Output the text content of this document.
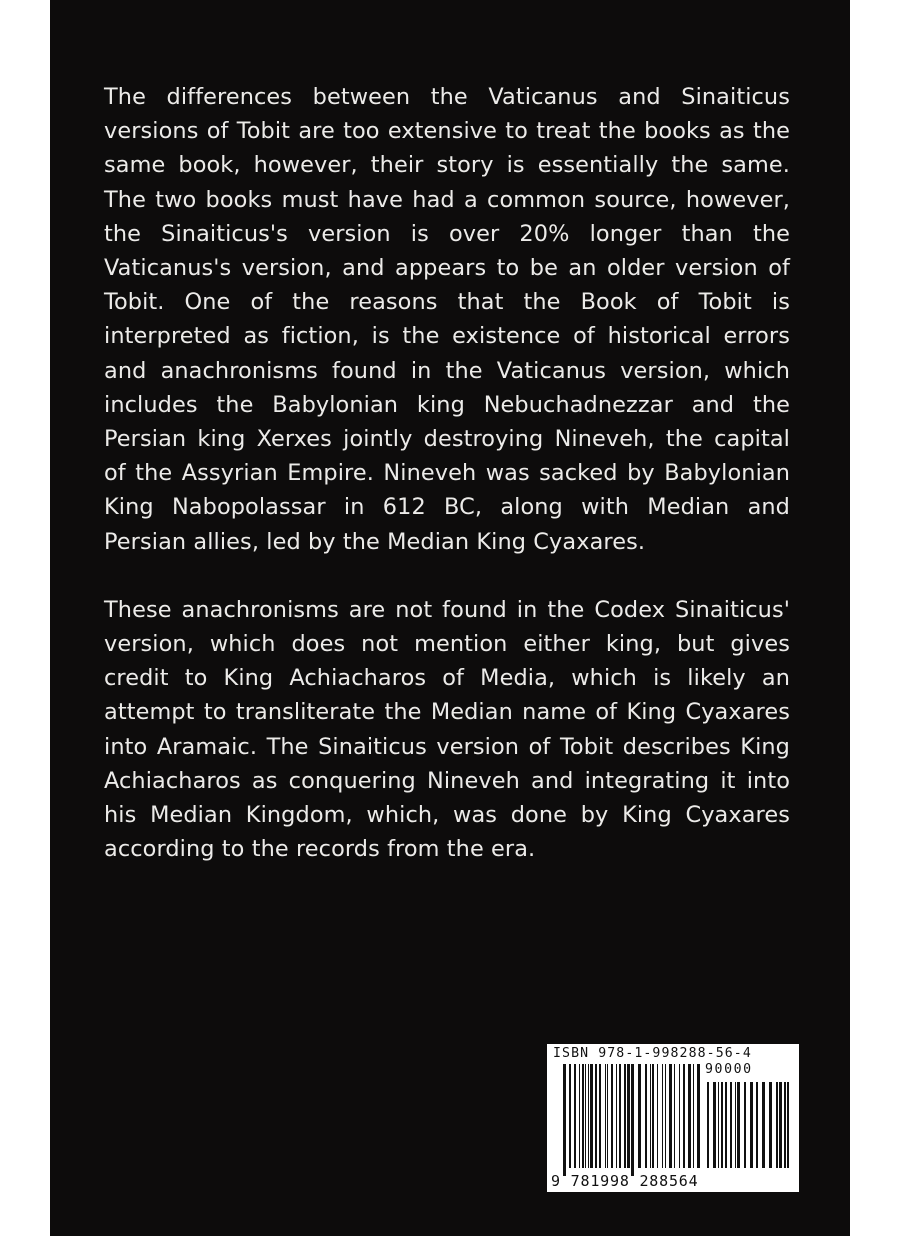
The differences between the Vaticanus and Sinaiticus versions of Tobit are too extensive to treat the books as the same book, however, their story is essentially the same. The two books must have had a common source, however, the Sinaiticus's version is over 20% longer than the Vaticanus's version, and appears to be an older version of Tobit. One of the reasons that the Book of Tobit is interpreted as fiction, is the existence of historical errors and anachronisms found in the Vaticanus version, which includes the Babylonian king Nebuchadnezzar and the Persian king Xerxes jointly destroying Nineveh, the capital of the Assyrian Empire. Nineveh was sacked by Babylonian King Nabopolassar in 612 BC, along with Median and Persian allies, led by the Median King Cyaxares.

These anachronisms are not found in the Codex Sinaiticus' version, which does not mention either king, but gives credit to King Achiacharos of Media, which is likely an attempt to transliterate the Median name of King Cyaxares into Aramaic. The Sinaiticus version of Tobit describes King Achiacharos as conquering Nineveh and integrating it into his Median Kingdom, which, was done by King Cyaxares according to the records from the era.

ISBN 978-1-998288-56-4
90000
9 781998 288564
